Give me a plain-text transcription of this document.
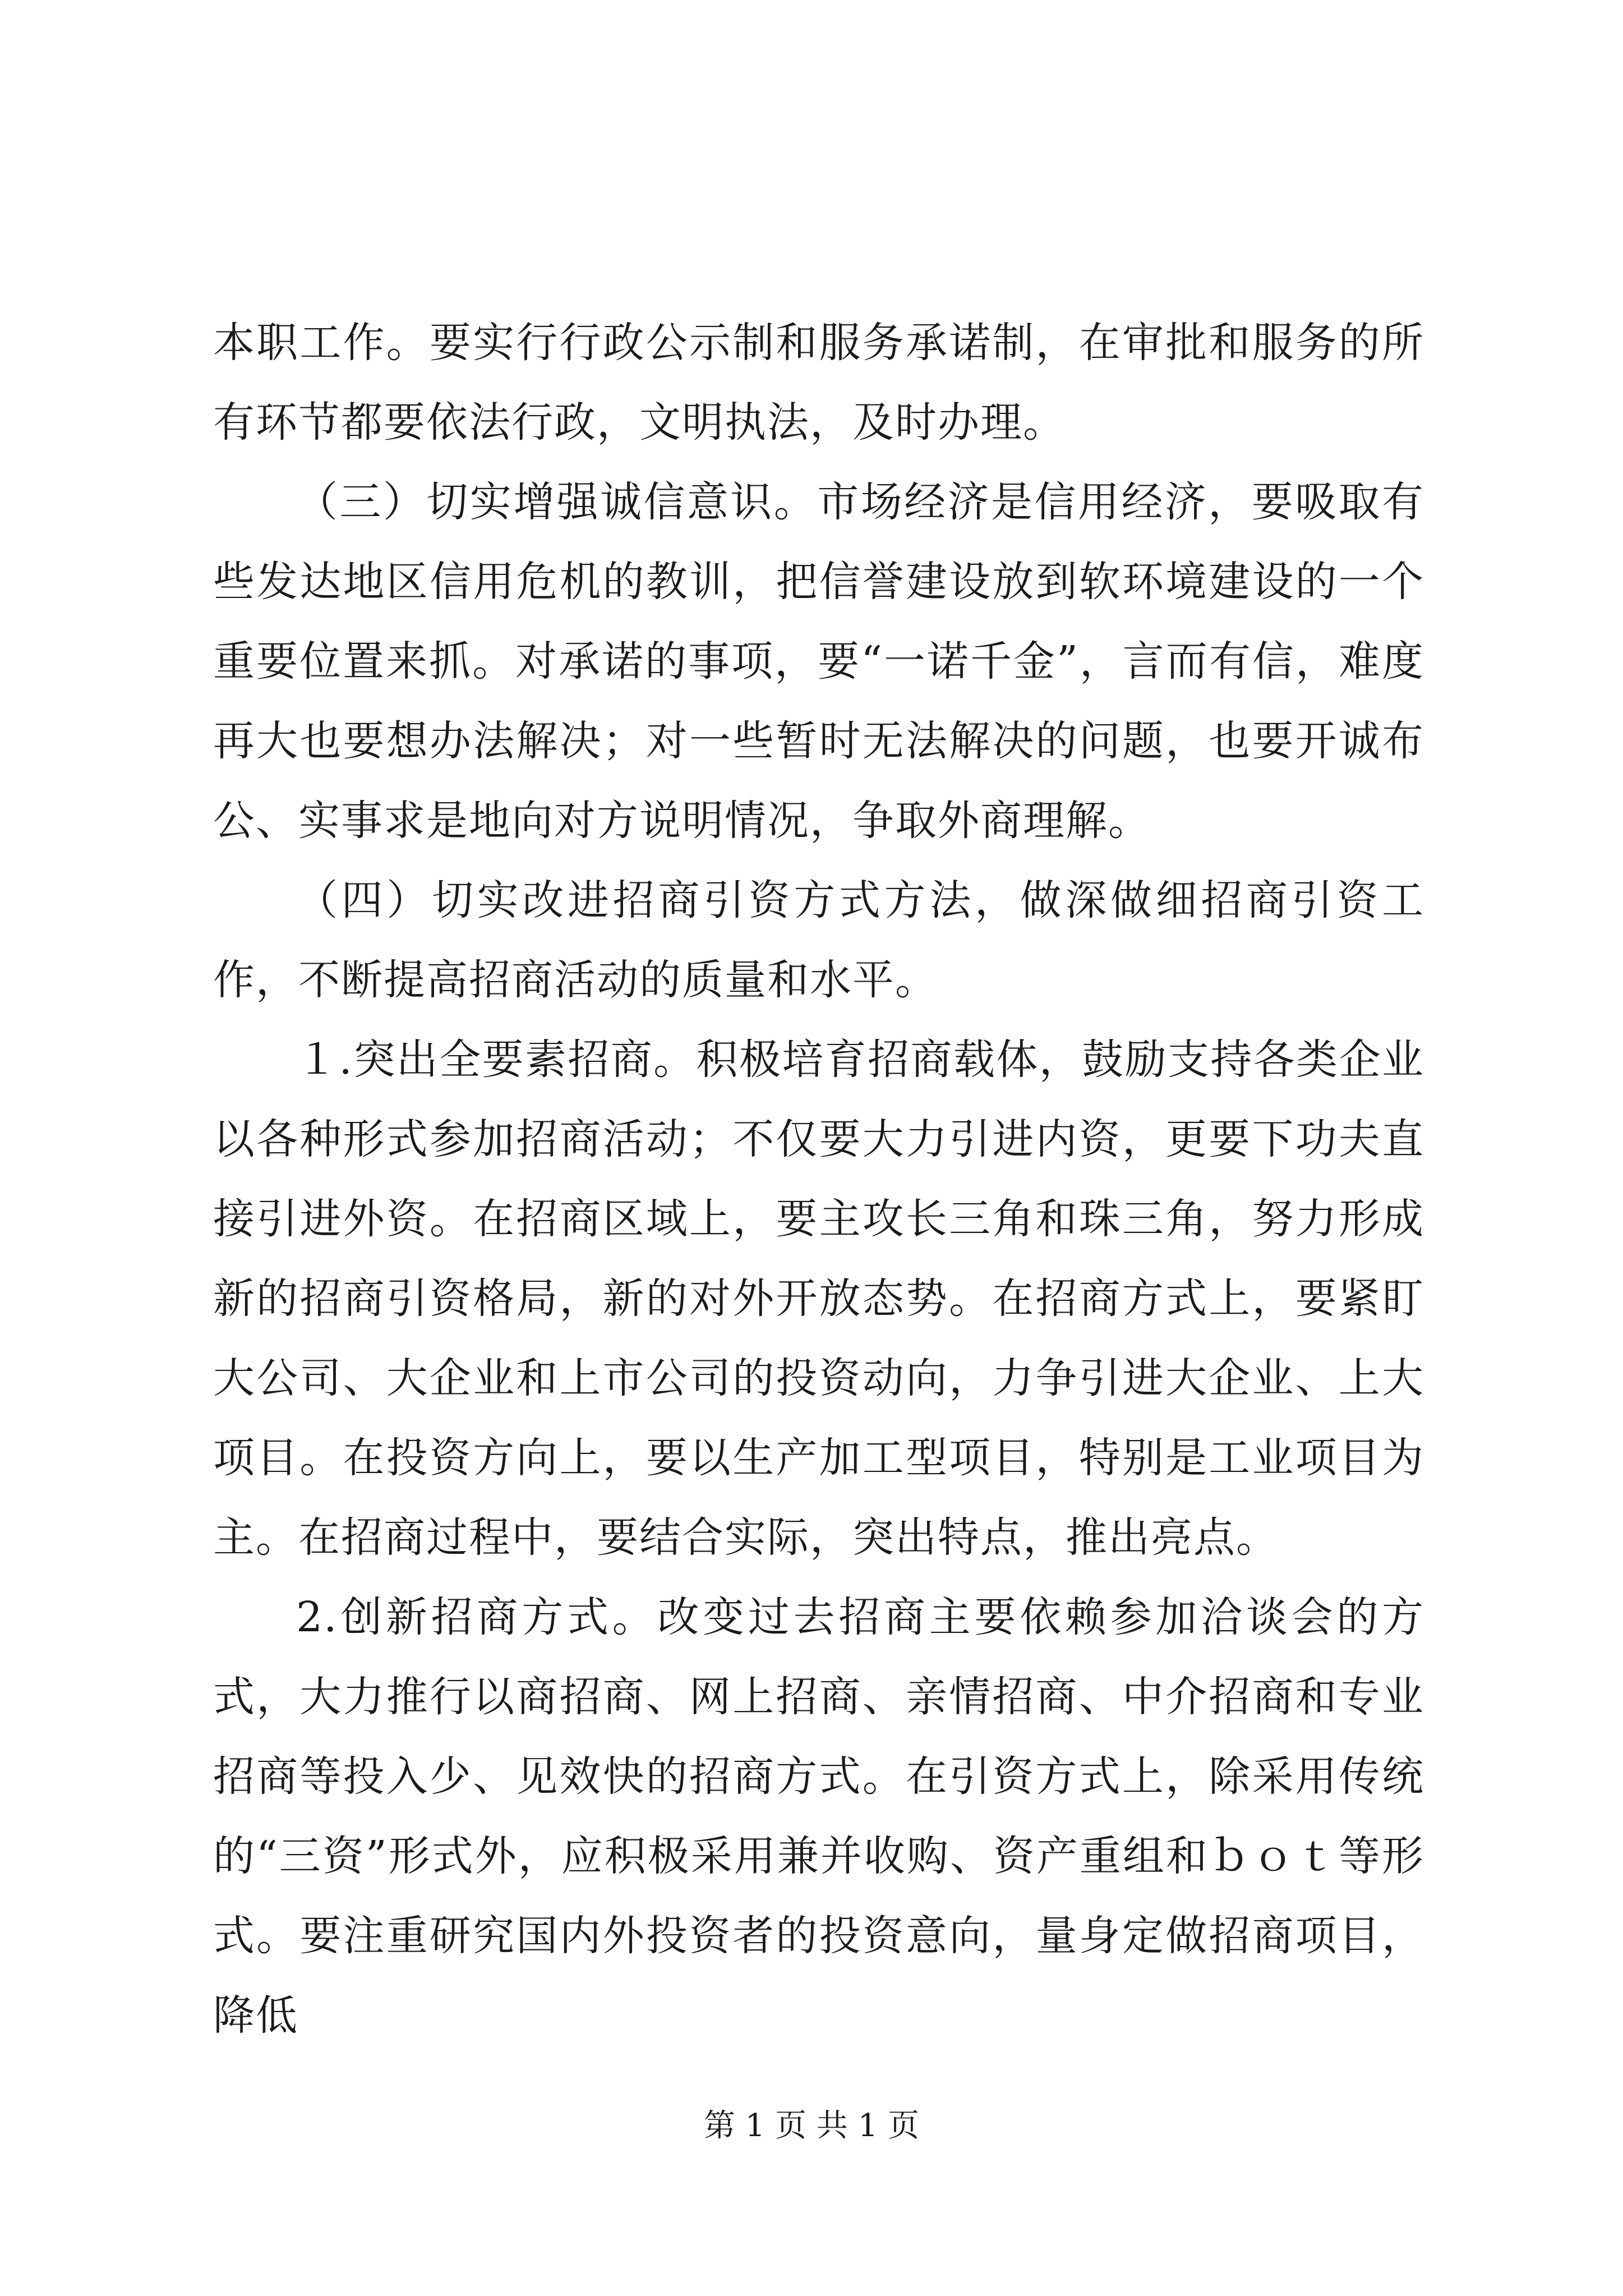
本职工作。要实行行政公示制和服务承诺制，在审批和服务的所有环节都要依法行政，文明执法，及时办理。

（三）切实增强诚信意识。市场经济是信用经济，要吸取有些发达地区信用危机的教训，把信誉建设放到软环境建设的一个重要位置来抓。对承诺的事项，要“一诺千金”，言而有信，难度再大也要想办法解决；对一些暂时无法解决的问题，也要开诚布公、实事求是地向对方说明情况，争取外商理解。

（四）切实改进招商引资方式方法，做深做细招商引资工作，不断提高招商活动的质量和水平。

１.突出全要素招商。积极培育招商载体，鼓励支持各类企业以各种形式参加招商活动；不仅要大力引进内资，更要下功夫直接引进外资。在招商区域上，要主攻长三角和珠三角，努力形成新的招商引资格局，新的对外开放态势。在招商方式上，要紧盯大公司、大企业和上市公司的投资动向，力争引进大企业、上大项目。在投资方向上，要以生产加工型项目，特别是工业项目为主。在招商过程中，要结合实际，突出特点，推出亮点。

2.创新招商方式。改变过去招商主要依赖参加洽谈会的方式，大力推行以商招商、网上招商、亲情招商、中介招商和专业招商等投入少、见效快的招商方式。在引资方式上，除采用传统的“三资”形式外，应积极采用兼并收购、资产重组和ｂｏｔ等形式。要注重研究国内外投资者的投资意向，量身定做招商项目，降低

第 1 页 共 1 页
